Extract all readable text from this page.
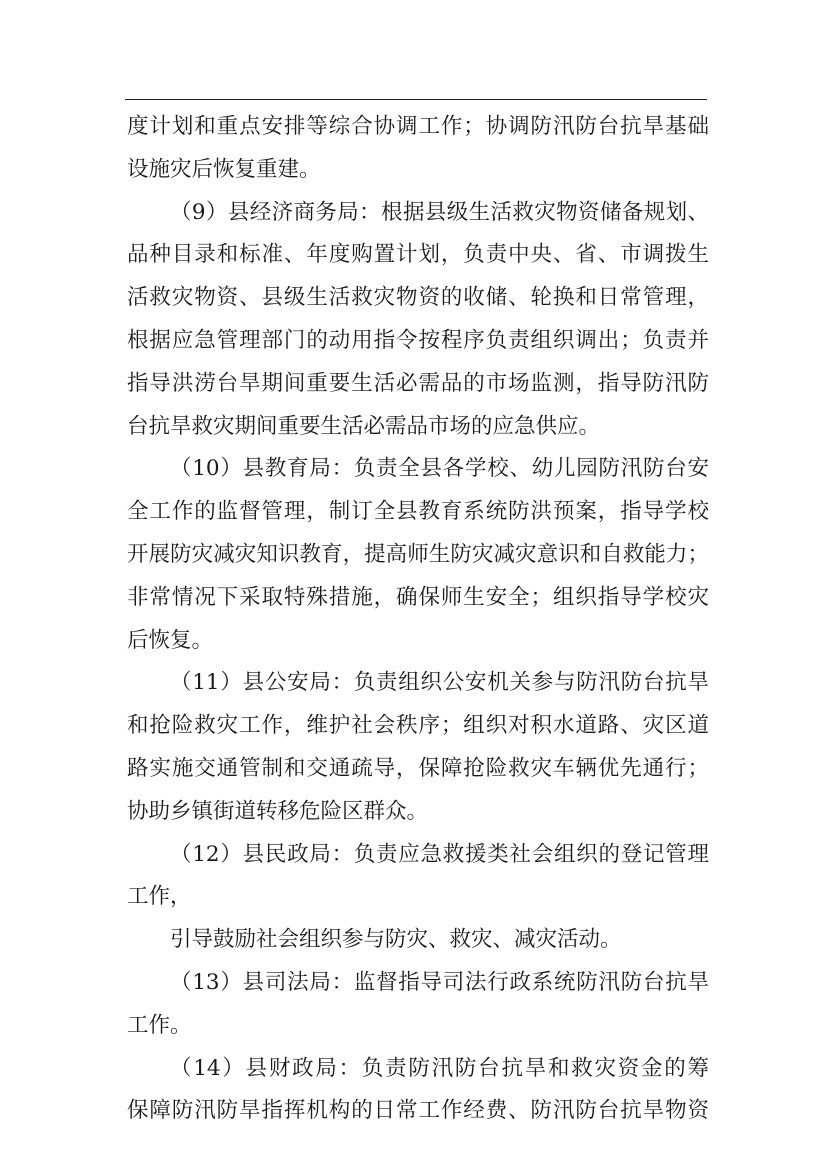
度计划和重点安排等综合协调工作；协调防汛防台抗旱基础
设施灾后恢复重建。
（9）县经济商务局：根据县级生活救灾物资储备规划、
品种目录和标准、年度购置计划，负责中央、省、市调拨生
活救灾物资、县级生活救灾物资的收储、轮换和日常管理，
根据应急管理部门的动用指令按程序负责组织调出；负责并
指导洪涝台旱期间重要生活必需品的市场监测，指导防汛防
台抗旱救灾期间重要生活必需品市场的应急供应。
（10）县教育局：负责全县各学校、幼儿园防汛防台安
全工作的监督管理，制订全县教育系统防洪预案，指导学校
开展防灾减灾知识教育，提高师生防灾减灾意识和自救能力；
非常情况下采取特殊措施，确保师生安全；组织指导学校灾
后恢复。
（11）县公安局：负责组织公安机关参与防汛防台抗旱
和抢险救灾工作，维护社会秩序；组织对积水道路、灾区道
路实施交通管制和交通疏导，保障抢险救灾车辆优先通行；
协助乡镇街道转移危险区群众。
（12）县民政局：负责应急救援类社会组织的登记管理
工作，
引导鼓励社会组织参与防灾、救灾、减灾活动。
（13）县司法局：监督指导司法行政系统防汛防台抗旱
工作。
（14）县财政局：负责防汛防台抗旱和救灾资金的筹
保障防汛防旱指挥机构的日常工作经费、防汛防台抗旱物资
